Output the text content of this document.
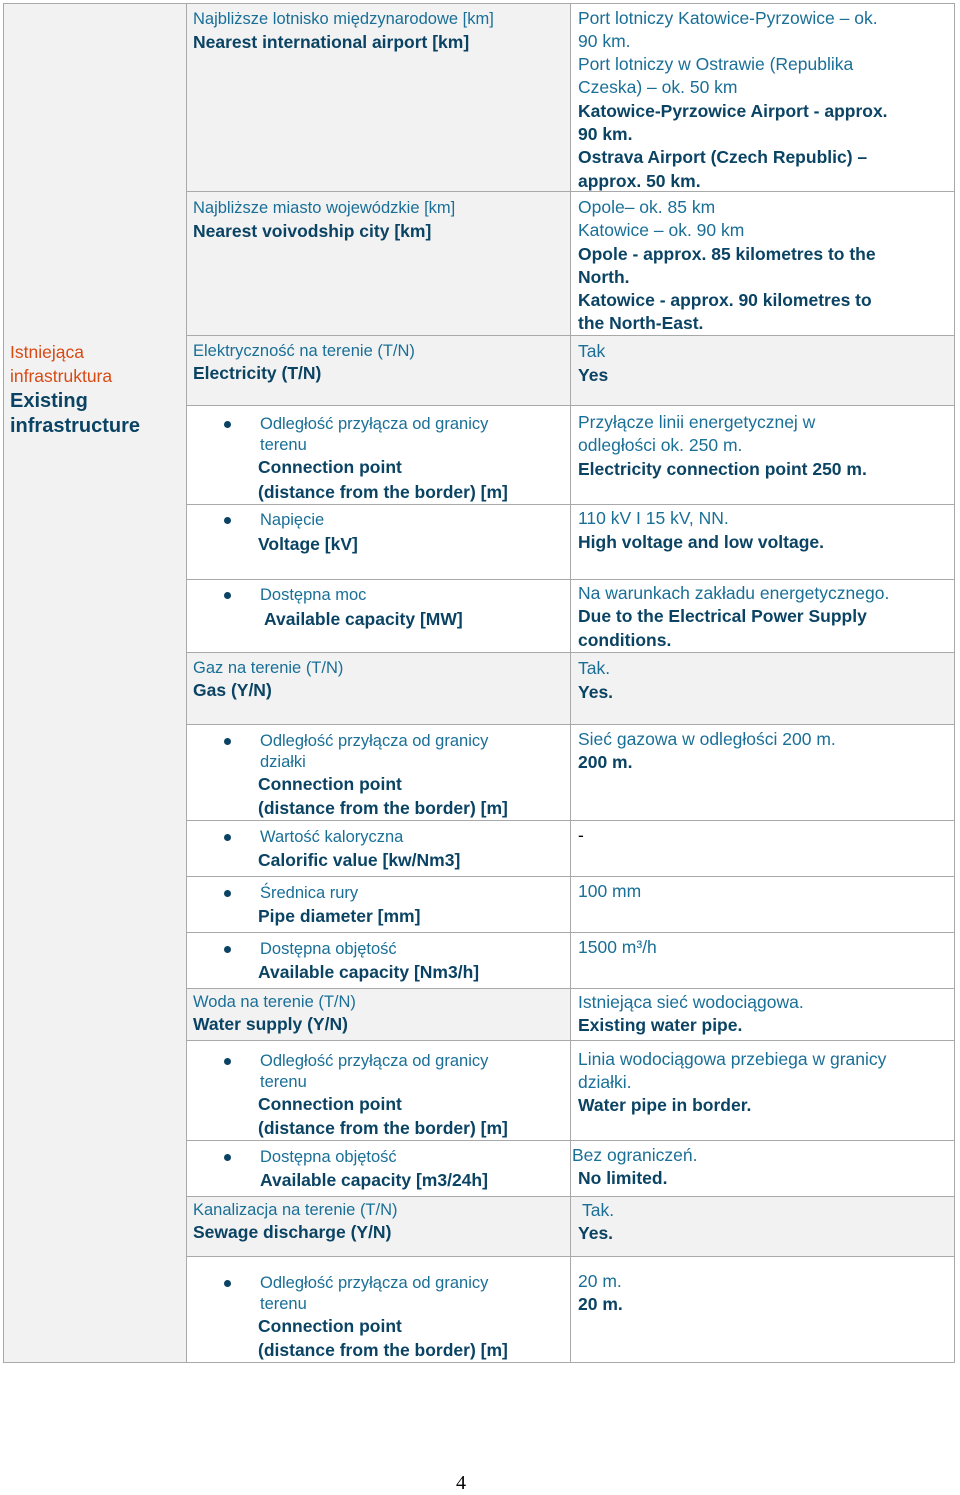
Istniejąca
infrastruktura
Existing
infrastructure
Najbliższe lotnisko międzynarodowe [km]
Nearest international airport [km]
Port lotniczy Katowice-Pyrzowice – ok.
90 km.
Port lotniczy w Ostrawie (Republika
Czeska) – ok. 50 km
Katowice-Pyrzowice Airport - approx.
90 km.
Ostrava Airport (Czech Republic) –
approx. 50 km.
Najbliższe miasto wojewódzkie [km]
Nearest voivodship city [km]
Opole– ok. 85 km
Katowice – ok. 90 km
Opole - approx. 85 kilometres to the
North.
Katowice - approx. 90 kilometres to
the North-East.
Elektryczność na terenie (T/N)
Electricity (T/N)
Tak
Yes
Odległość przyłącza od granicy
terenu
Connection point
(distance from the border) [m]
Przyłącze linii energetycznej w
odległości ok. 250 m.
Electricity connection point 250 m.
Napięcie
Voltage [kV]
110 kV I 15 kV, NN.
High voltage and low voltage.
Dostępna moc
Available capacity [MW]
Na warunkach zakładu energetycznego.
Due to the Electrical Power Supply
conditions.
Gaz na terenie (T/N)
Gas (Y/N)
Tak.
Yes.
Odległość przyłącza od granicy
działki
Connection point
(distance from the border) [m]
Sieć gazowa w odległości 200 m.
200 m.
Wartość kaloryczna
Calorific value [kw/Nm3]
-
Średnica rury
Pipe diameter [mm]
100 mm
Dostępna objętość
Available capacity [Nm3/h]
1500 m³/h
Woda na terenie (T/N)
Water supply (Y/N)
Istniejąca sieć wodociągowa.
Existing water pipe.
Odległość przyłącza od granicy
terenu
Connection point
(distance from the border) [m]
Linia wodociągowa przebiega w granicy
działki.
Water pipe in border.
Dostępna objętość
Available capacity [m3/24h]
Bez ograniczeń.
No limited.
Kanalizacja na terenie (T/N)
Sewage discharge (Y/N)
Tak.
Yes.
Odległość przyłącza od granicy
terenu
Connection point
(distance from the border) [m]
20 m.
20 m.
4
